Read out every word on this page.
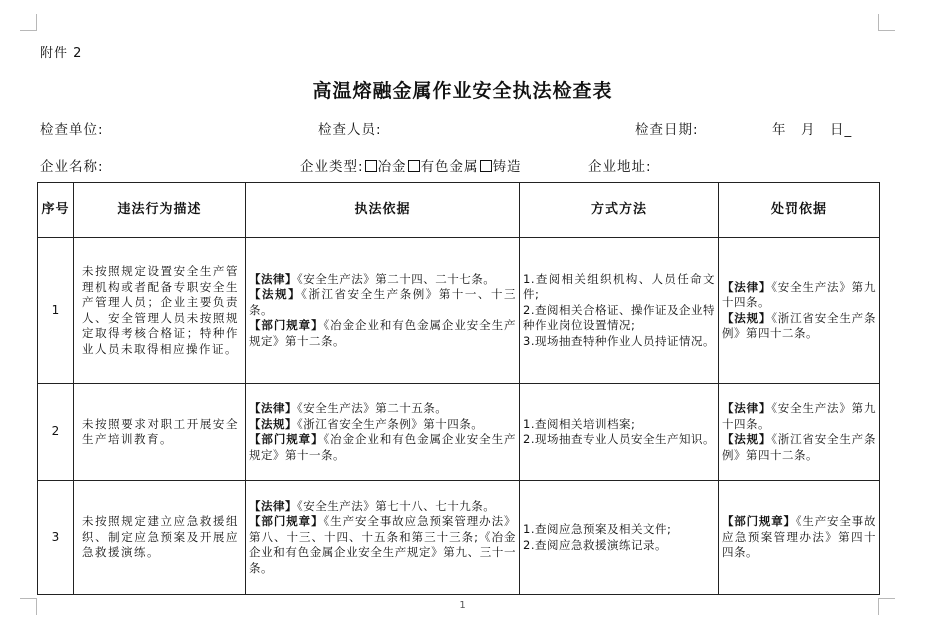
附件 2
高温熔融金属作业安全执法检查表
检查单位:	检查人员:	检查日期:	年　月　日_
企业名称:	企业类型: 冶金 有色金属 铸造	企业地址:
序号	违法行为描述	执法依据	方式方法	处罚依据
1	未按照规定设置安全生产管理机构或者配备专职安全生产管理人员；企业主要负责人、安全管理人员未按照规定取得考核合格证；特种作业人员未取得相应操作证。	【法律】《安全生产法》第二十四、二十七条。
【法规】《浙江省安全生产条例》第十一、十三条。
【部门规章】《冶金企业和有色金属企业安全生产规定》第十二条。	1.查阅相关组织机构、人员任命文件;
2.查阅相关合格证、操作证及企业特种作业岗位设置情况;
3.现场抽查特种作业人员持证情况。	【法律】《安全生产法》第九十四条。
【法规】《浙江省安全生产条例》第四十二条。

2	未按照要求对职工开展安全生产培训教育。	【法律】《安全生产法》第二十五条。
【法规】《浙江省安全生产条例》第十四条。
【部门规章】《冶金企业和有色金属企业安全生产规定》第十一条。	1.查阅相关培训档案;
2.现场抽查专业人员安全生产知识。	【法律】《安全生产法》第九十四条。
【法规】《浙江省安全生产条例》第四十二条。

3	未按照规定建立应急救援组织、制定应急预案及开展应急救援演练。	【法律】《安全生产法》第七十八、七十九条。
【部门规章】《生产安全事故应急预案管理办法》第八、十三、十四、十五条和第三十三条;《冶金企业和有色金属企业安全生产规定》第九、三十一条。	1.查阅应急预案及相关文件;
2.查阅应急救援演练记录。	【部门规章】《生产安全事故应急预案管理办法》第四十四条。
1
